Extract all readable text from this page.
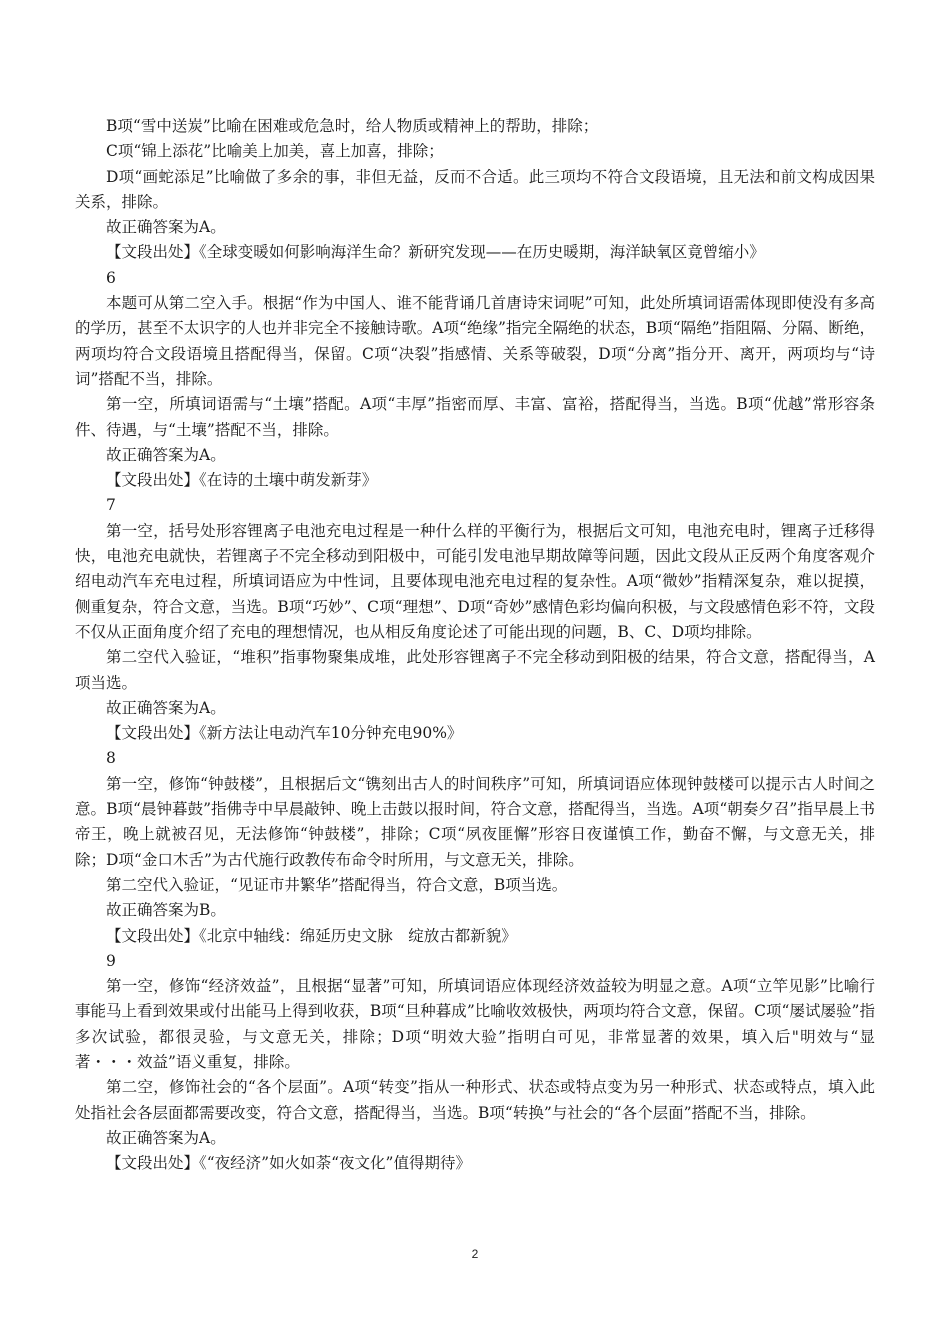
B项“雪中送炭”比喻在困难或危急时，给人物质或精神上的帮助，排除；

C项“锦上添花”比喻美上加美，喜上加喜，排除；

D项“画蛇添足”比喻做了多余的事，非但无益，反而不合适。此三项均不符合文段语境，且无法和前文构成因果关系，排除。

故正确答案为A。

【文段出处】《全球变暖如何影响海洋生命？新研究发现——在历史暖期，海洋缺氧区竟曾缩小》

6

本题可从第二空入手。根据“作为中国人、谁不能背诵几首唐诗宋词呢”可知，此处所填词语需体现即使没有多高的学历，甚至不太识字的人也并非完全不接触诗歌。A项“绝缘”指完全隔绝的状态，B项“隔绝”指阻隔、分隔、断绝，两项均符合文段语境且搭配得当，保留。C项“决裂”指感情、关系等破裂，D项“分离”指分开、离开，两项均与“诗词”搭配不当，排除。

第一空，所填词语需与“土壤”搭配。A项“丰厚”指密而厚、丰富、富裕，搭配得当，当选。B项“优越”常形容条件、待遇，与“土壤”搭配不当，排除。

故正确答案为A。

【文段出处】《在诗的土壤中萌发新芽》

7

第一空，括号处形容锂离子电池充电过程是一种什么样的平衡行为，根据后文可知，电池充电时，锂离子迁移得快，电池充电就快，若锂离子不完全移动到阳极中，可能引发电池早期故障等问题，因此文段从正反两个角度客观介绍电动汽车充电过程，所填词语应为中性词，且要体现电池充电过程的复杂性。A项“微妙”指精深复杂，难以捉摸，侧重复杂，符合文意，当选。B项“巧妙”、C项“理想”、D项“奇妙”感情色彩均偏向积极，与文段感情色彩不符，文段不仅从正面角度介绍了充电的理想情况，也从相反角度论述了可能出现的问题，B、C、D项均排除。

第二空代入验证，“堆积”指事物聚集成堆，此处形容锂离子不完全移动到阳极的结果，符合文意，搭配得当，A项当选。

故正确答案为A。

【文段出处】《新方法让电动汽车10分钟充电90%》

8

第一空，修饰“钟鼓楼”，且根据后文“镌刻出古人的时间秩序”可知，所填词语应体现钟鼓楼可以提示古人时间之意。B项“晨钟暮鼓”指佛寺中早晨敲钟、晚上击鼓以报时间，符合文意，搭配得当，当选。A项“朝奏夕召”指早晨上书帝王，晚上就被召见，无法修饰“钟鼓楼”，排除；C项“夙夜匪懈”形容日夜谨慎工作，勤奋不懈，与文意无关，排除；D项“金口木舌”为古代施行政教传布命令时所用，与文意无关，排除。

第二空代入验证，“见证市井繁华”搭配得当，符合文意，B项当选。

故正确答案为B。

【文段出处】《北京中轴线：绵延历史文脉　绽放古都新貌》

9

第一空，修饰“经济效益”，且根据“显著”可知，所填词语应体现经济效益较为明显之意。A项“立竿见影”比喻行事能马上看到效果或付出能马上得到收获，B项“旦种暮成”比喻收效极快，两项均符合文意，保留。C项“屡试屡验”指多次试验，都很灵验，与文意无关，排除；D项“明效大验”指明白可见，非常显著的效果，填入后"明效与“显著・・・效益”语义重复，排除。

第二空，修饰社会的“各个层面”。A项“转变”指从一种形式、状态或特点变为另一种形式、状态或特点，填入此处指社会各层面都需要改变，符合文意，搭配得当，当选。B项“转换”与社会的“各个层面”搭配不当，排除。

故正确答案为A。

【文段出处】《“夜经济”如火如荼“夜文化”值得期待》

2
